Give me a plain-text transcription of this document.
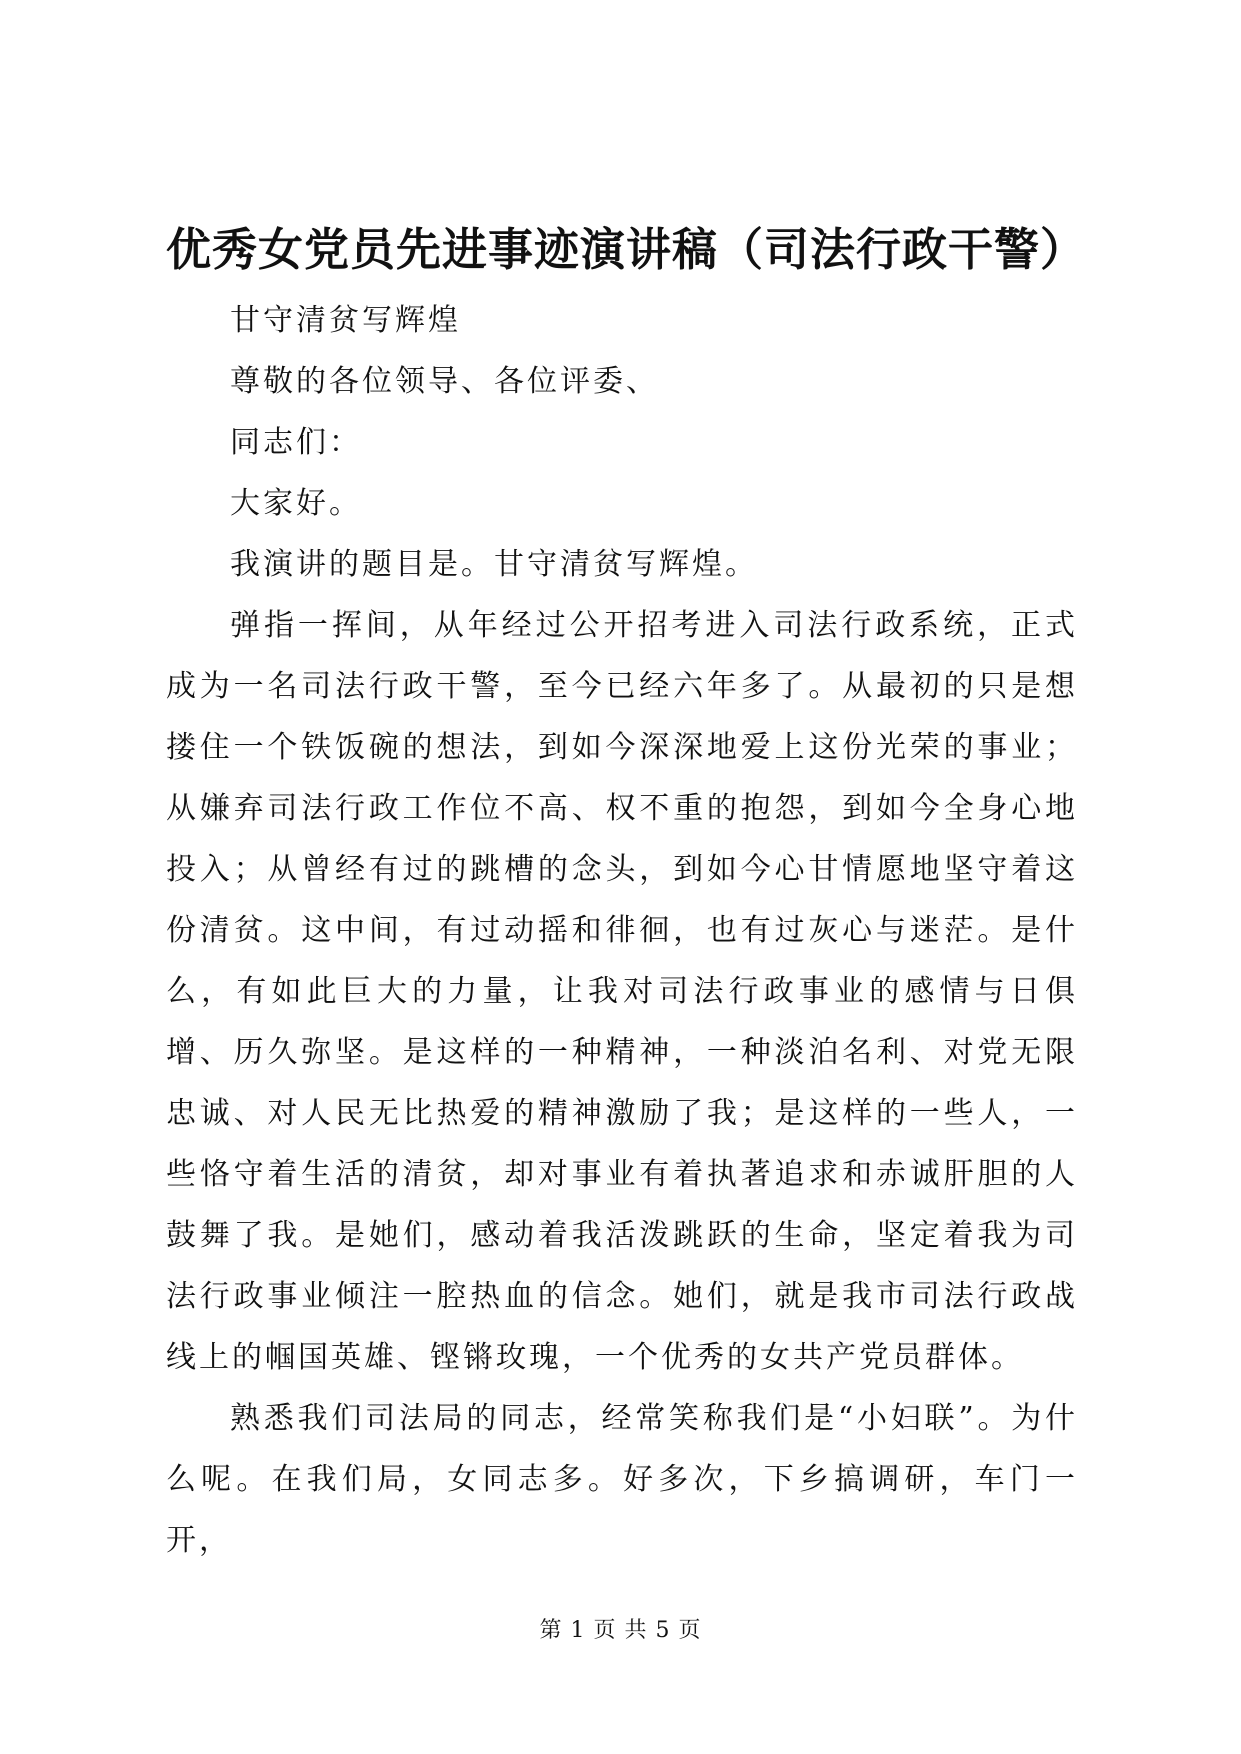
优秀女党员先进事迹演讲稿（司法行政干警）

甘守清贫写辉煌

尊敬的各位领导、各位评委、

同志们：

大家好。

我演讲的题目是。甘守清贫写辉煌。

弹指一挥间，从年经过公开招考进入司法行政系统，正式成为一名司法行政干警，至今已经六年多了。从最初的只是想搂住一个铁饭碗的想法，到如今深深地爱上这份光荣的事业；从嫌弃司法行政工作位不高、权不重的抱怨，到如今全身心地投入；从曾经有过的跳槽的念头，到如今心甘情愿地坚守着这份清贫。这中间，有过动摇和徘徊，也有过灰心与迷茫。是什么，有如此巨大的力量，让我对司法行政事业的感情与日俱增、历久弥坚。是这样的一种精神，一种淡泊名利、对党无限忠诚、对人民无比热爱的精神激励了我；是这样的一些人，一些恪守着生活的清贫，却对事业有着执著追求和赤诚肝胆的人鼓舞了我。是她们，感动着我活泼跳跃的生命，坚定着我为司法行政事业倾注一腔热血的信念。她们，就是我市司法行政战线上的帼国英雄、铿锵玫瑰，一个优秀的女共产党员群体。

熟悉我们司法局的同志，经常笑称我们是“小妇联”。为什么呢。在我们局，女同志多。好多次，下乡搞调研，车门一开，

第 1 页 共 5 页
